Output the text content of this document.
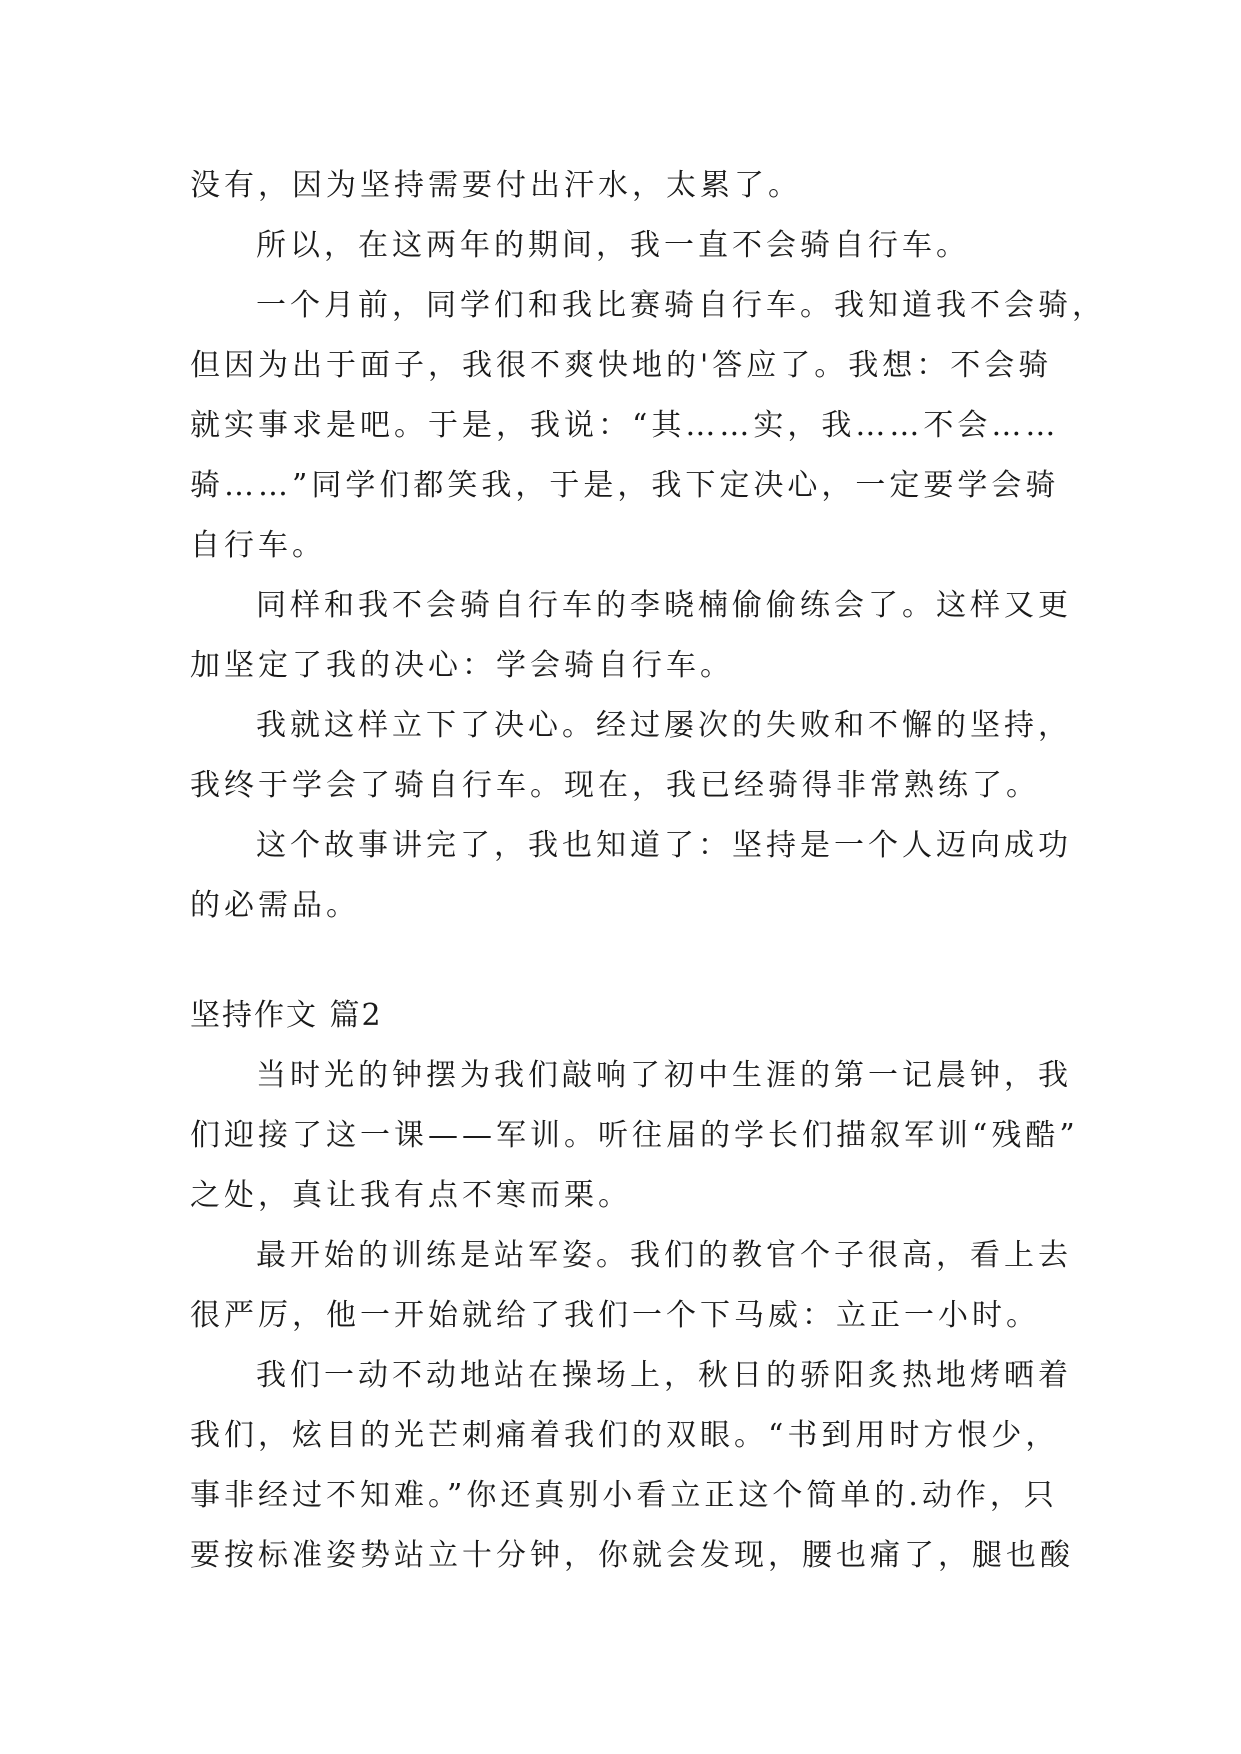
没有，因为坚持需要付出汗水，太累了。

所以，在这两年的期间，我一直不会骑自行车。

一个月前，同学们和我比赛骑自行车。我知道我不会骑，

但因为出于面子，我很不爽快地的'答应了。我想：不会骑

就实事求是吧。于是，我说：“其……实，我……不会……

骑……”同学们都笑我，于是，我下定决心，一定要学会骑

自行车。

同样和我不会骑自行车的李晓楠偷偷练会了。这样又更

加坚定了我的决心：学会骑自行车。

我就这样立下了决心。经过屡次的失败和不懈的坚持，

我终于学会了骑自行车。现在，我已经骑得非常熟练了。

这个故事讲完了，我也知道了：坚持是一个人迈向成功

的必需品。

坚持作文 篇2

当时光的钟摆为我们敲响了初中生涯的第一记晨钟，我

们迎接了这一课——军训。听往届的学长们描叙军训“残酷”

之处，真让我有点不寒而栗。

最开始的训练是站军姿。我们的教官个子很高，看上去

很严厉，他一开始就给了我们一个下马威：立正一小时。

我们一动不动地站在操场上，秋日的骄阳炙热地烤晒着

我们，炫目的光芒刺痛着我们的双眼。“书到用时方恨少，

事非经过不知难。”你还真别小看立正这个简单的.动作，只

要按标准姿势站立十分钟，你就会发现，腰也痛了，腿也酸
